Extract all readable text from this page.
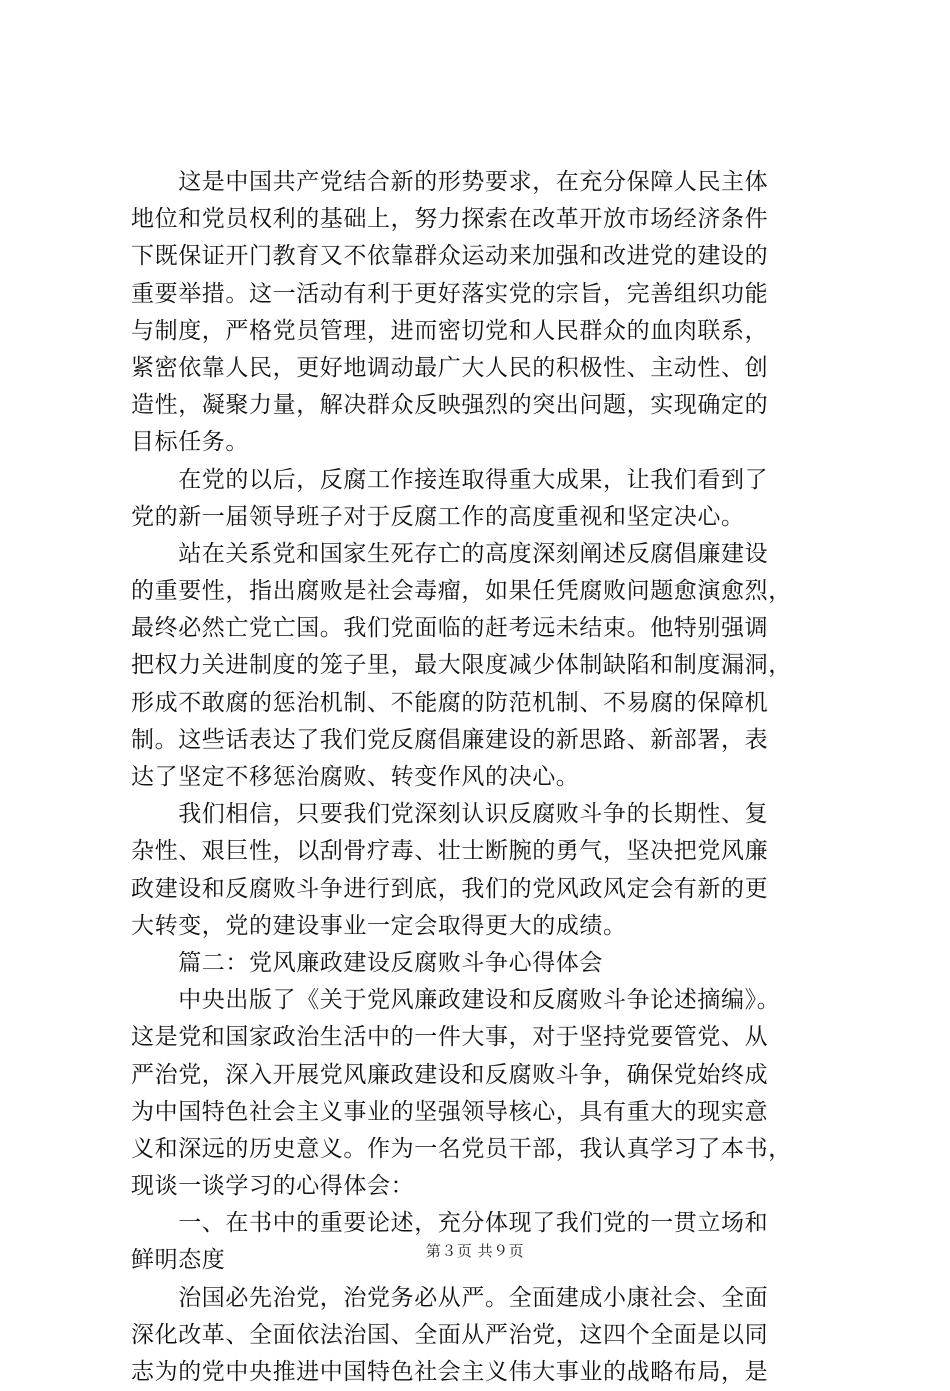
　　这是中国共产党结合新的形势要求，在充分保障人民主体
地位和党员权利的基础上，努力探索在改革开放市场经济条件
下既保证开门教育又不依靠群众运动来加强和改进党的建设的
重要举措。这一活动有利于更好落实党的宗旨，完善组织功能
与制度，严格党员管理，进而密切党和人民群众的血肉联系，
紧密依靠人民，更好地调动最广大人民的积极性、主动性、创
造性，凝聚力量，解决群众反映强烈的突出问题，实现确定的
目标任务。
　　在党的以后，反腐工作接连取得重大成果，让我们看到了
党的新一届领导班子对于反腐工作的高度重视和坚定决心。
　　站在关系党和国家生死存亡的高度深刻阐述反腐倡廉建设
的重要性，指出腐败是社会毒瘤，如果任凭腐败问题愈演愈烈，
最终必然亡党亡国。我们党面临的赶考远未结束。他特别强调
把权力关进制度的笼子里，最大限度减少体制缺陷和制度漏洞，
形成不敢腐的惩治机制、不能腐的防范机制、不易腐的保障机
制。这些话表达了我们党反腐倡廉建设的新思路、新部署，表
达了坚定不移惩治腐败、转变作风的决心。
　　我们相信，只要我们党深刻认识反腐败斗争的长期性、复
杂性、艰巨性，以刮骨疗毒、壮士断腕的勇气，坚决把党风廉
政建设和反腐败斗争进行到底，我们的党风政风定会有新的更
大转变，党的建设事业一定会取得更大的成绩。
　　篇二：党风廉政建设反腐败斗争心得体会
　　中央出版了《关于党风廉政建设和反腐败斗争论述摘编》。
这是党和国家政治生活中的一件大事，对于坚持党要管党、从
严治党，深入开展党风廉政建设和反腐败斗争，确保党始终成
为中国特色社会主义事业的坚强领导核心，具有重大的现实意
义和深远的历史意义。作为一名党员干部，我认真学习了本书，
现谈一谈学习的心得体会：
　　一、在书中的重要论述，充分体现了我们党的一贯立场和
鲜明态度
　　治国必先治党，治党务必从严。全面建成小康社会、全面
深化改革、全面依法治国、全面从严治党，这四个全面是以同
志为的党中央推进中国特色社会主义伟大事业的战略布局，是
第３页 共９页
